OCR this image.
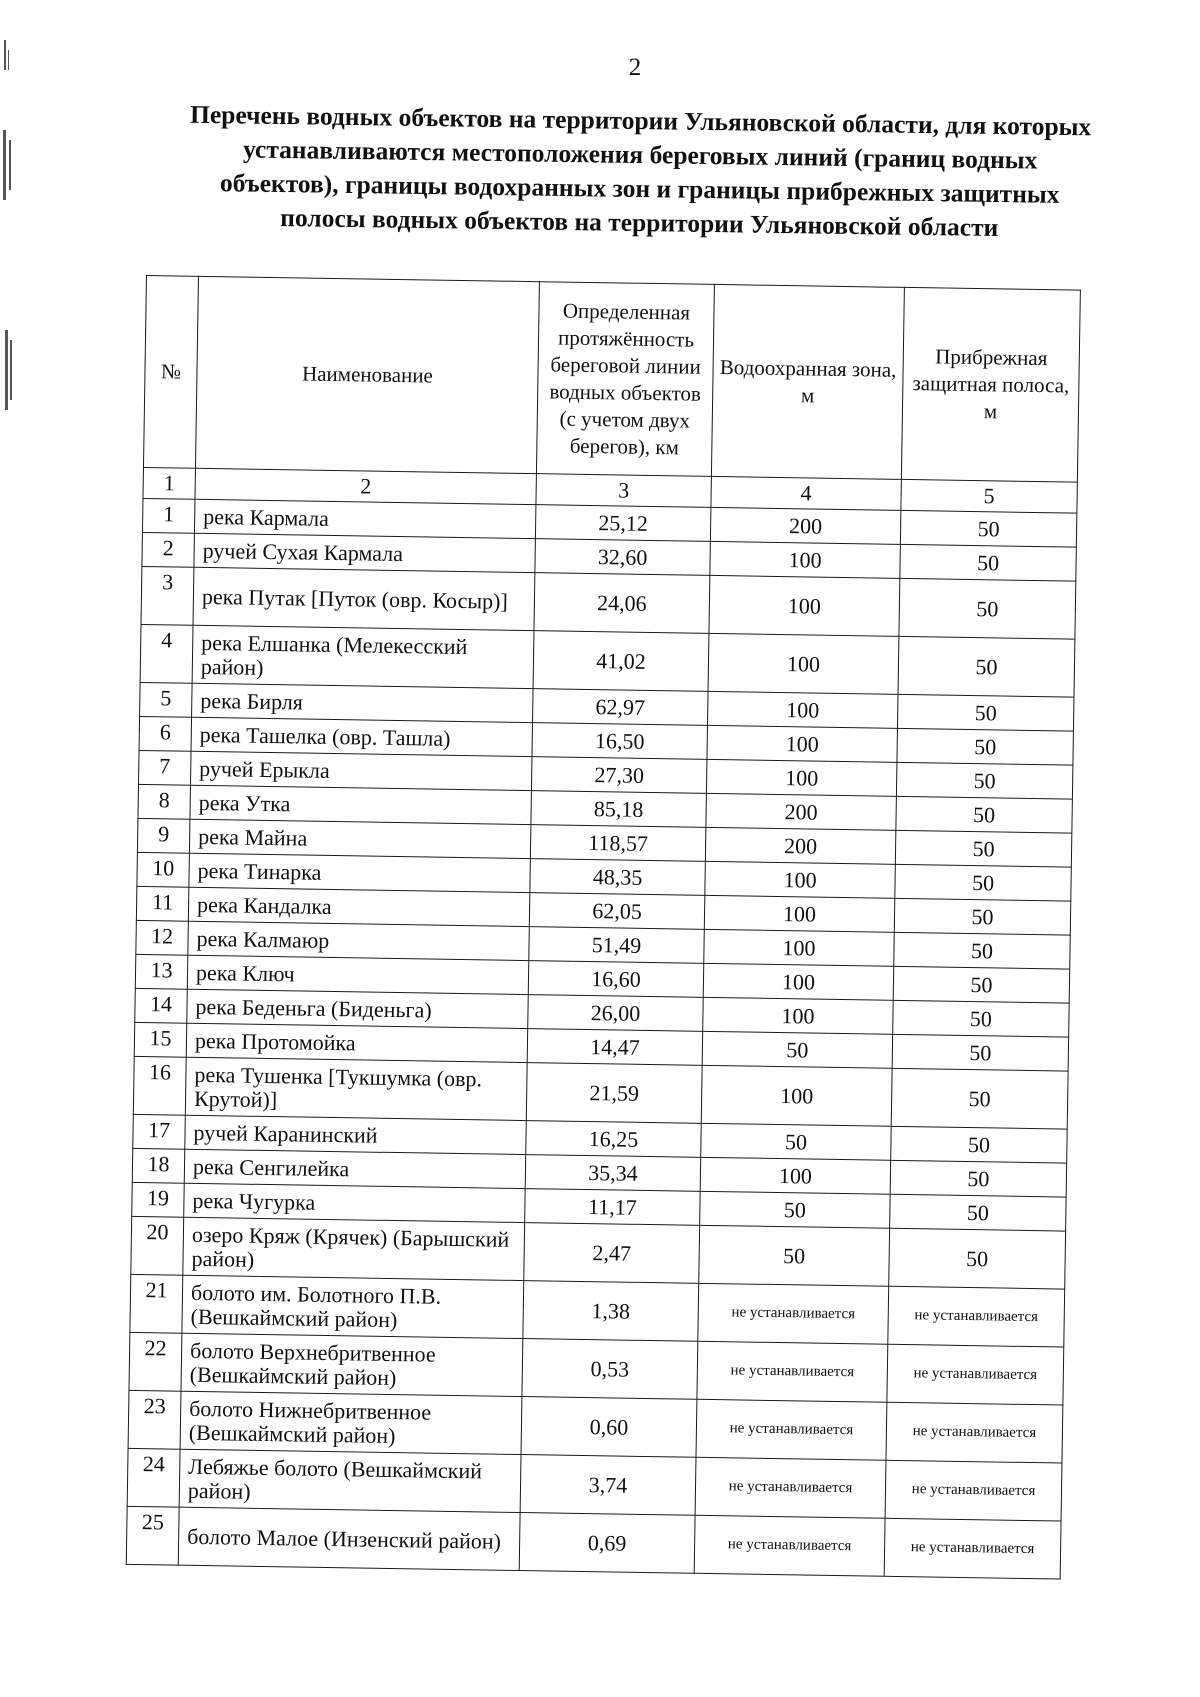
2
Перечень водных объектов на территории Ульяновской области, для которых
устанавливаются местоположения береговых линий (границ водных
объектов), границы водохранных зон и границы прибрежных защитных
полосы водных объектов на территории Ульяновской области
№	Наименование	Определенная протяжённость береговой линии водных объектов (с учетом двух берегов), км	Водоохранная зона, м	Прибрежная защитная полоса, м
1	2	3	4	5
1	река Кармала	25,12	200	50
2	ручей Сухая Кармала	32,60	100	50
3	река Путак [Путок (овр. Косыр)]	24,06	100	50
4	река Елшанка (Мелекесский район)	41,02	100	50
5	река Бирля	62,97	100	50
6	река Ташелка (овр. Ташла)	16,50	100	50
7	ручей Ерыкла	27,30	100	50
8	река Утка	85,18	200	50
9	река Майна	118,57	200	50
10	река Тинарка	48,35	100	50
11	река Кандалка	62,05	100	50
12	река Калмаюр	51,49	100	50
13	река Ключ	16,60	100	50
14	река Беденьга (Биденьга)	26,00	100	50
15	река Протомойка	14,47	50	50
16	река Тушенка [Тукшумка (овр. Крутой)]	21,59	100	50
17	ручей Каранинский	16,25	50	50
18	река Сенгилейка	35,34	100	50
19	река Чугурка	11,17	50	50
20	озеро Кряж (Крячек) (Барышский район)	2,47	50	50
21	болото им. Болотного П.В. (Вешкаймский район)	1,38	не устанавливается	не устанавливается
22	болото Верхнебритвенное (Вешкаймский район)	0,53	не устанавливается	не устанавливается
23	болото Нижнебритвенное (Вешкаймский район)	0,60	не устанавливается	не устанавливается
24	Лебяжье болото (Вешкаймский район)	3,74	не устанавливается	не устанавливается
25	болото Малое (Инзенский район)	0,69	не устанавливается	не устанавливается
